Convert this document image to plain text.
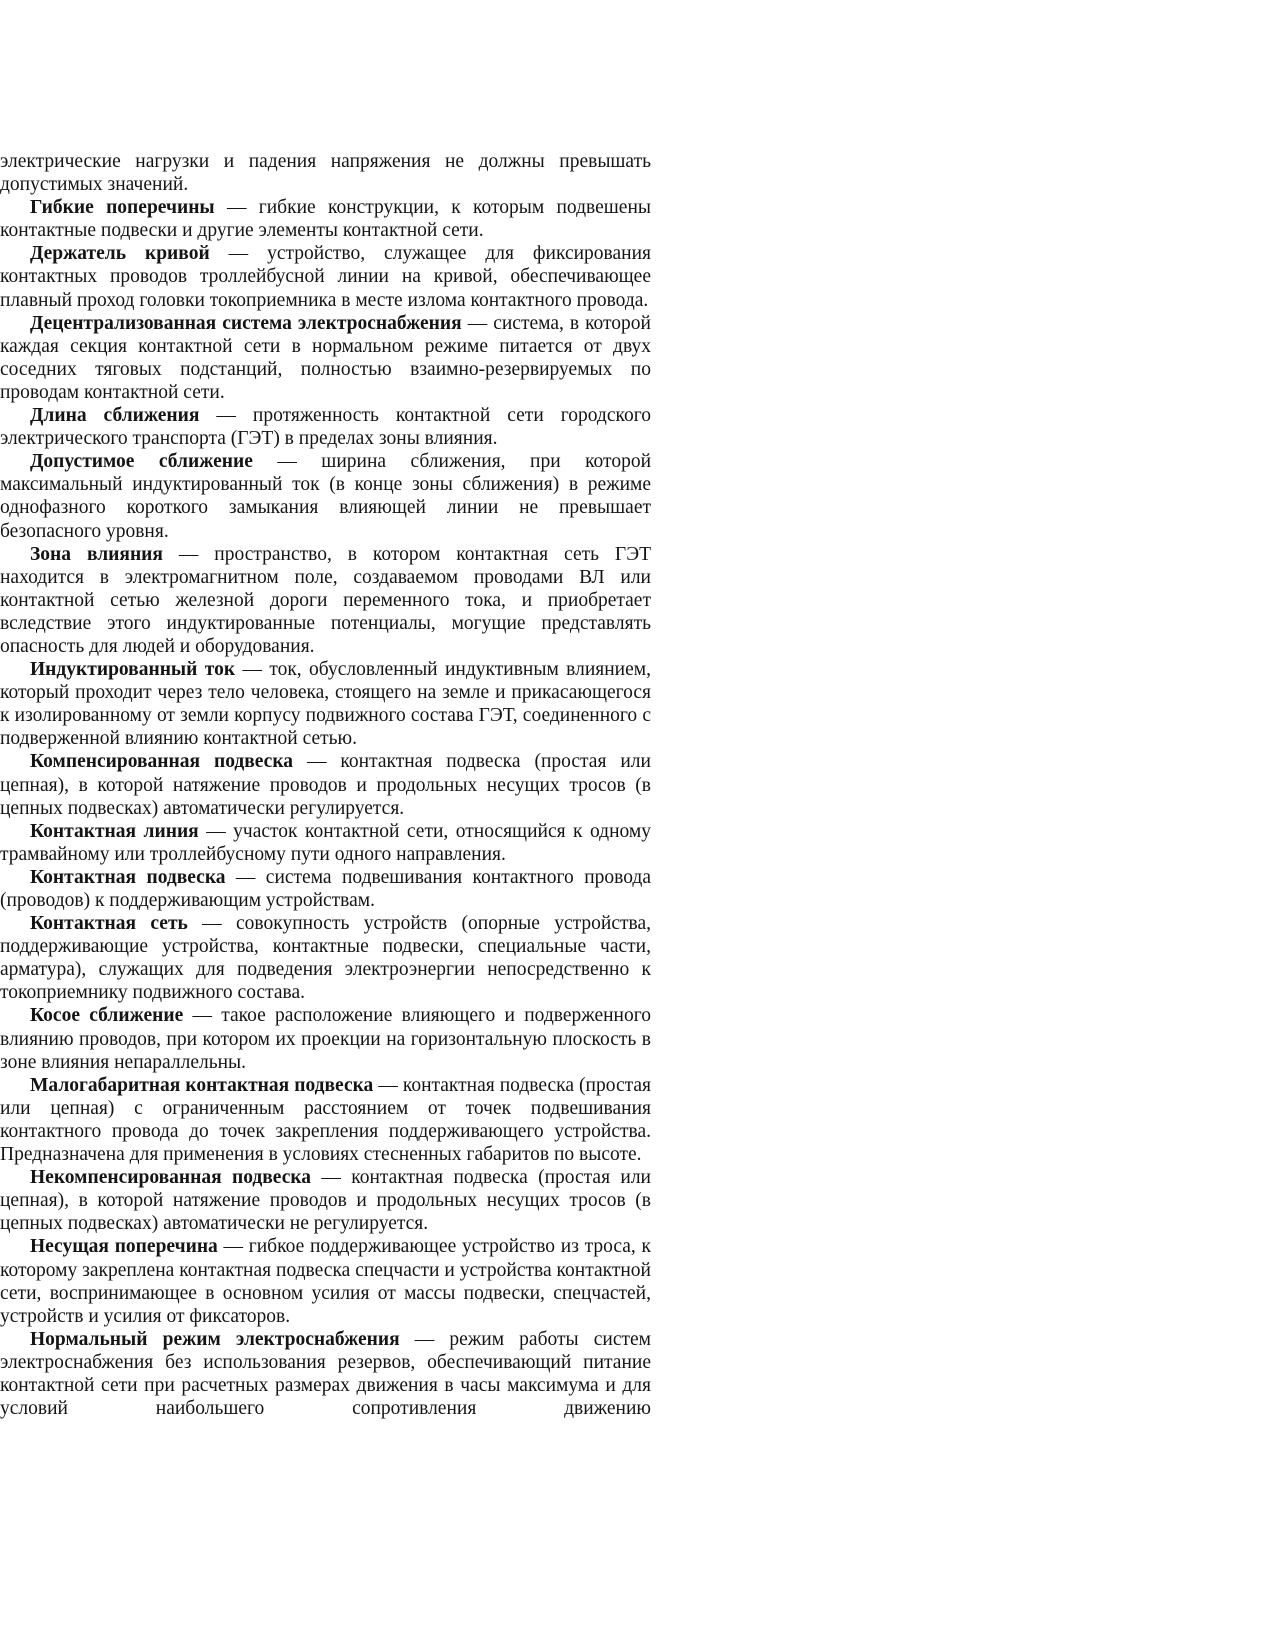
электрические нагрузки и падения напряжения не должны превышать допустимых значений.

Гибкие поперечины — гибкие конструкции, к которым подвешены контактные подвески и другие элементы контактной сети.

Держатель кривой — устройство, служащее для фиксирования контактных проводов троллейбусной линии на кривой, обеспечивающее плавный проход головки токоприемника в месте излома контактного провода.

Децентрализованная система электроснабжения — система, в которой каждая секция контактной сети в нормальном режиме питается от двух соседних тяговых подстанций, полностью взаимно-резервируемых по проводам контактной сети.

Длина сближения — протяженность контактной сети городского электрического транспорта (ГЭТ) в пределах зоны влияния.

Допустимое сближение — ширина сближения, при которой максимальный индуктированный ток (в конце зоны сближения) в режиме однофазного короткого замыкания влияющей линии не превышает безопасного уровня.

Зона влияния — пространство, в котором контактная сеть ГЭТ находится в электромагнитном поле, создаваемом проводами ВЛ или контактной сетью железной дороги переменного тока, и приобретает вследствие этого индуктированные потенциалы, могущие представлять опасность для людей и оборудования.

Индуктированный ток — ток, обусловленный индуктивным влиянием, который проходит через тело человека, стоящего на земле и прикасающегося к изолированному от земли корпусу подвижного состава ГЭТ, соединенного с подверженной влиянию контактной сетью.

Компенсированная подвеска — контактная подвеска (простая или цепная), в которой натяжение проводов и продольных несущих тросов (в цепных подвесках) автоматически регулируется.

Контактная линия — участок контактной сети, относящийся к одному трамвайному или троллейбусному пути одного направления.

Контактная подвеска — система подвешивания контактного провода (проводов) к поддерживающим устройствам.

Контактная сеть — совокупность устройств (опорные устройства, поддерживающие устройства, контактные подвески, специальные части, арматура), служащих для подведения электроэнергии непосредственно к токоприемнику подвижного состава.

Косое сближение — такое расположение влияющего и подверженного влиянию проводов, при котором их проекции на горизонтальную плоскость в зоне влияния непараллельны.

Малогабаритная контактная подвеска — контактная подвеска (простая или цепная) с ограниченным расстоянием от точек подвешивания контактного провода до точек закрепления поддерживающего устройства. Предназначена для применения в условиях стесненных габаритов по высоте.

Некомпенсированная подвеска — контактная подвеска (простая или цепная), в которой натяжение проводов и продольных несущих тросов (в цепных подвесках) автоматически не регулируется.

Несущая поперечина — гибкое поддерживающее устройство из троса, к которому закреплена контактная подвеска спецчасти и устройства контактной сети, воспринимающее в основном усилия от массы подвески, спецчастей, устройств и усилия от фиксаторов.

Нормальный режим электроснабжения — режим работы систем электроснабжения без использования резервов, обеспечивающий питание контактной сети при расчетных размерах движения в часы максимума и для условий наибольшего сопротивления движению
